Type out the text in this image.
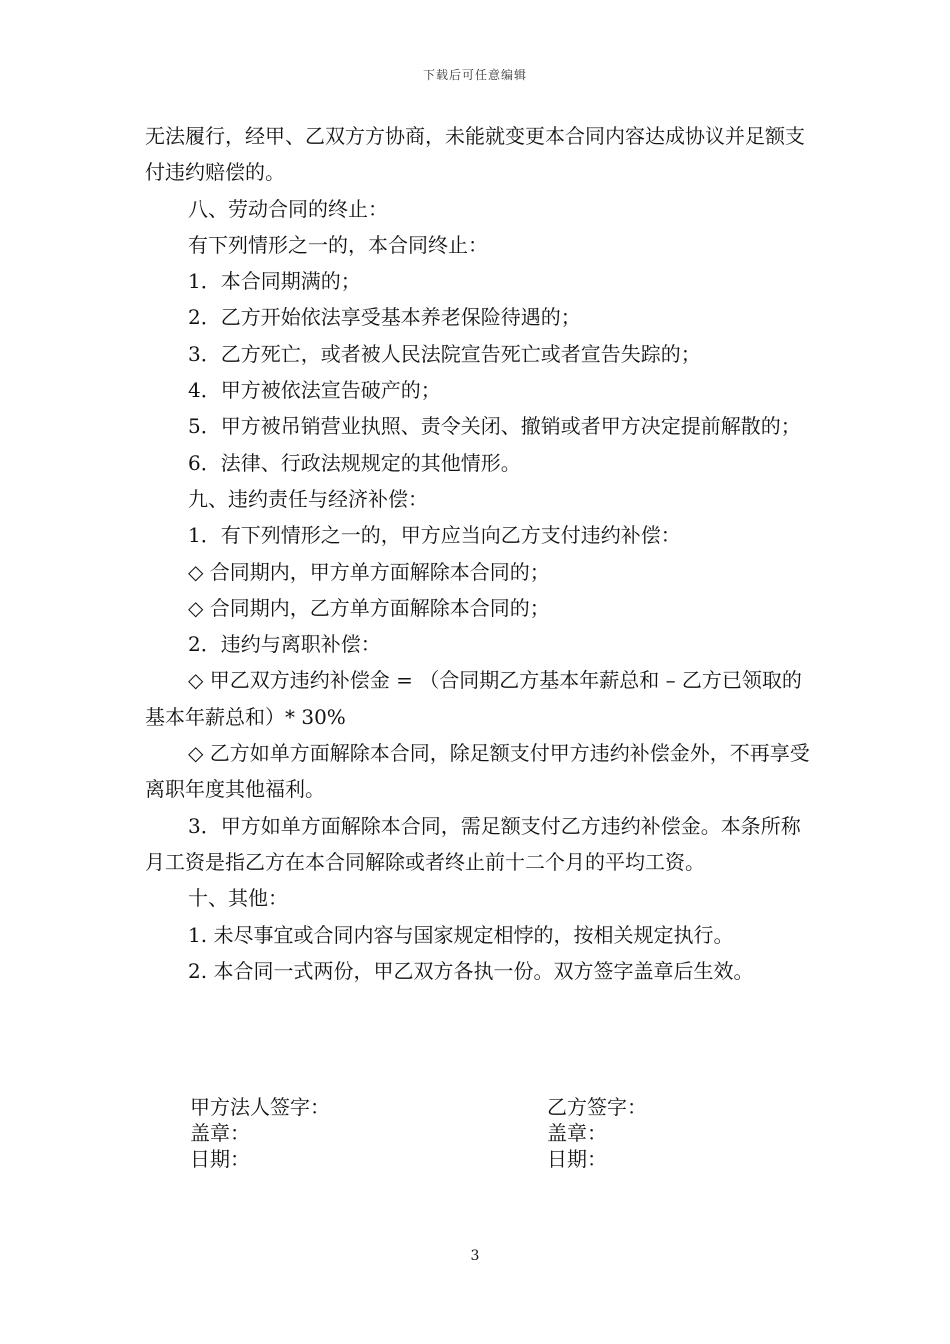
下载后可任意编辑

无法履行，经甲、乙双方方协商，未能就变更本合同内容达成协议并足额支付违约赔偿的。

八、劳动合同的终止：

有下列情形之一的，本合同终止：

1．本合同期满的；

2．乙方开始依法享受基本养老保险待遇的；

3．乙方死亡，或者被人民法院宣告死亡或者宣告失踪的；

4．甲方被依法宣告破产的；

5．甲方被吊销营业执照、责令关闭、撤销或者甲方决定提前解散的；

6．法律、行政法规规定的其他情形。

九、违约责任与经济补偿：

1．有下列情形之一的，甲方应当向乙方支付违约补偿：

◇ 合同期内，甲方单方面解除本合同的；

◇ 合同期内，乙方单方面解除本合同的；

2．违约与离职补偿：

◇ 甲乙双方违约补偿金 = （合同期乙方基本年薪总和 – 乙方已领取的基本年薪总和）* 30%

◇ 乙方如单方面解除本合同，除足额支付甲方违约补偿金外，不再享受离职年度其他福利。

3．甲方如单方面解除本合同，需足额支付乙方违约补偿金。本条所称月工资是指乙方在本合同解除或者终止前十二个月的平均工资。

十、其他：

1. 未尽事宜或合同内容与国家规定相悖的，按相关规定执行。

2. 本合同一式两份，甲乙双方各执一份。双方签字盖章后生效。

甲方法人签字：
盖章：
日期：
乙方签字：
盖章：
日期：
3
